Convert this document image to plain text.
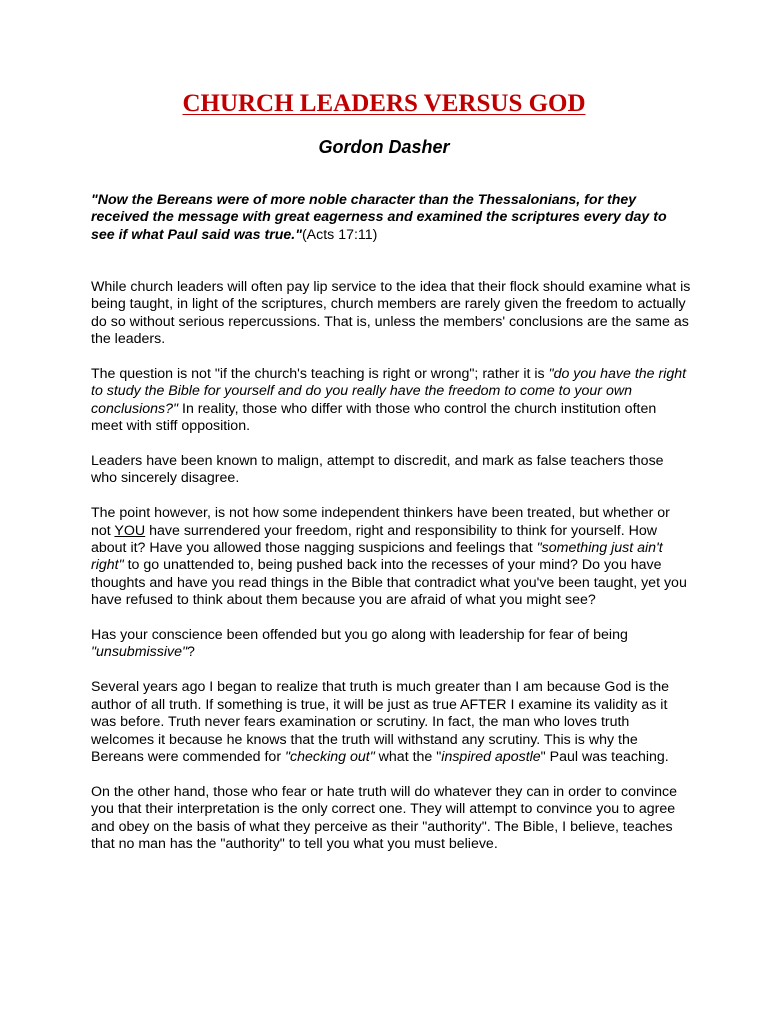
CHURCH LEADERS VERSUS GOD
Gordon Dasher

"Now the Bereans were of more noble character than the Thessalonians, for they received the message with great eagerness and examined the scriptures every day to see if what Paul said was true."(Acts 17:11)

While church leaders will often pay lip service to the idea that their flock should examine what is being taught, in light of the scriptures, church members are rarely given the freedom to actually do so without serious repercussions. That is, unless the members' conclusions are the same as the leaders.

The question is not "if the church's teaching is right or wrong"; rather it is "do you have the right to study the Bible for yourself and do you really have the freedom to come to your own conclusions?" In reality, those who differ with those who control the church institution often meet with stiff opposition.

Leaders have been known to malign, attempt to discredit, and mark as false teachers those who sincerely disagree.

The point however, is not how some independent thinkers have been treated, but whether or not YOU have surrendered your freedom, right and responsibility to think for yourself. How about it? Have you allowed those nagging suspicions and feelings that "something just ain't right" to go unattended to, being pushed back into the recesses of your mind? Do you have thoughts and have you read things in the Bible that contradict what you've been taught, yet you have refused to think about them because you are afraid of what you might see?

Has your conscience been offended but you go along with leadership for fear of being "unsubmissive"?

Several years ago I began to realize that truth is much greater than I am because God is the author of all truth. If something is true, it will be just as true AFTER I examine its validity as it was before. Truth never fears examination or scrutiny. In fact, the man who loves truth welcomes it because he knows that the truth will withstand any scrutiny. This is why the Bereans were commended for "checking out" what the "inspired apostle" Paul was teaching.

On the other hand, those who fear or hate truth will do whatever they can in order to convince you that their interpretation is the only correct one. They will attempt to convince you to agree and obey on the basis of what they perceive as their "authority". The Bible, I believe, teaches that no man has the "authority" to tell you what you must believe.
